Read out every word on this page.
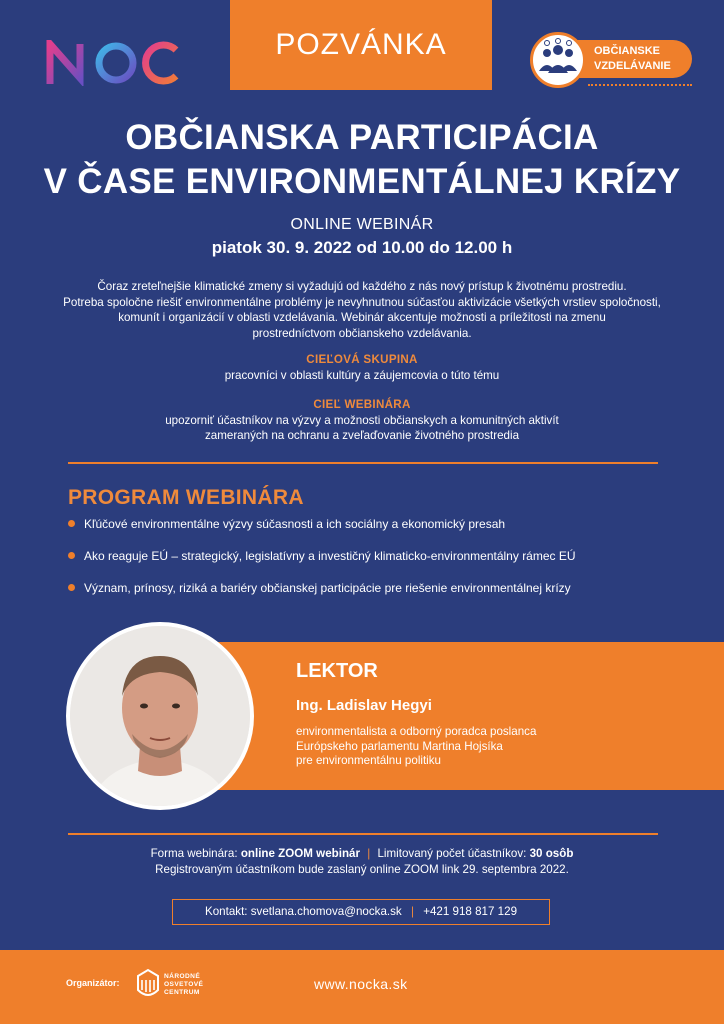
POZVÁNKA	OBČIANSKE
VZDELÁVANIE
OBČIANSKA PARTICIPÁCIA
V ČASE ENVIRONMENTÁLNEJ KRÍZY
ONLINE WEBINÁR
piatok 30. 9. 2022 od 10.00 do 12.00 h
Čoraz zreteľnejšie klimatické zmeny si vyžadujú od každého z nás nový prístup k životnému prostrediu.
Potreba spoločne riešiť environmentálne problémy je nevyhnutnou súčasťou aktivizácie všetkých vrstiev spoločnosti,
komunít i organizácií v oblasti vzdelávania. Webinár akcentuje možnosti a príležitosti na zmenu
prostredníctvom občianskeho vzdelávania.
CIEĽOVÁ SKUPINA
pracovníci v oblasti kultúry a záujemcovia o túto tému
CIEĽ WEBINÁRA
upozorniť účastníkov na výzvy a možnosti občianskych a komunitných aktivít
zameraných na ochranu a zveľaďovanie životného prostredia
PROGRAM WEBINÁRA
Kľúčové environmentálne výzvy súčasnosti a ich sociálny a ekonomický presah
Ako reaguje EÚ – strategický, legislatívny a investičný klimaticko-environmentálny rámec EÚ
Význam, prínosy, riziká a bariéry občianskej participácie pre riešenie environmentálnej krízy
LEKTOR
Ing. Ladislav Hegyi
environmentalista a odborný poradca poslanca
Európskeho parlamentu Martina Hojsíka
pre environmentálnu politiku
Forma webinára: online ZOOM webinár | Limitovaný počet účastníkov: 30 osôb
Registrovaným účastníkom bude zaslaný online ZOOM link 29. septembra 2022.
Kontakt: svetlana.chomova@nocka.sk | +421 918 817 129
Organizátor:
NÁRODNÉ
OSVETOVÉ
CENTRUM
www.nocka.sk
